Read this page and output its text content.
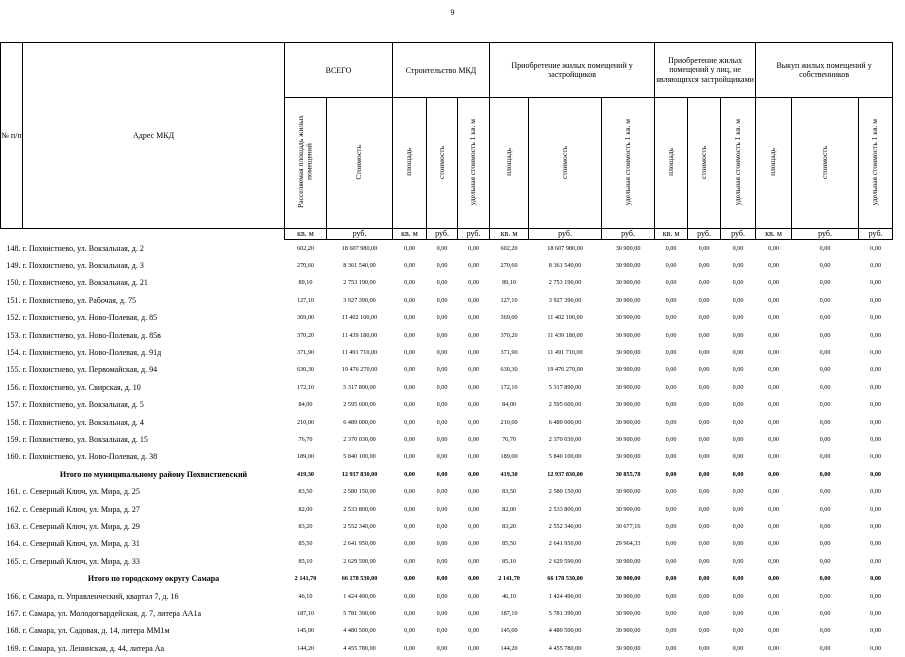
9
№ п/п	Адрес МКД	ВСЕГО		Строительство МКД			Приобретение жилых помещений у застройщиков			Приобретение жилых помещений у лиц, не являющихся застройщиками			Выкуп жилых помещений у собственников		
		Расселяемая площадь жилых помещений	Стоимость	площадь	стоимость	удельная стоимость 1 кв. м	площадь	стоимость	удельная стоимость 1 кв. м	площадь	стоимость	удельная стоимость 1 кв. м	площадь	стоимость	удельная стоимость 1 кв. м
		кв. м	руб.	кв. м	руб.	руб.	кв. м	руб.	руб.	кв. м	руб.	руб.	кв. м	руб.	руб.
148.	г. Похвистнево, ул. Вокзальная, д. 2	602,20	18 607 980,00	0,00	0,00	0,00	602,20	18 607 980,00	30 900,00	0,00	0,00	0,00	0,00	0,00	0,00
149.	г. Похвистнево, ул. Вокзальная, д. 3	270,60	8 361 540,00	0,00	0,00	0,00	270,60	8 361 540,00	30 900,00	0,00	0,00	0,00	0,00	0,00	0,00
150.	г. Похвистнево, ул. Вокзальная, д. 21	89,10	2 753 190,00	0,00	0,00	0,00	89,10	2 753 190,00	30 900,00	0,00	0,00	0,00	0,00	0,00	0,00
151.	г. Похвистнево, ул. Рабочая, д. 75	127,10	3 927 390,00	0,00	0,00	0,00	127,10	3 927 390,00	30 900,00	0,00	0,00	0,00	0,00	0,00	0,00
152.	г. Похвистнево, ул. Ново-Полевая, д. 85	369,00	11 402 100,00	0,00	0,00	0,00	369,00	11 402 100,00	30 900,00	0,00	0,00	0,00	0,00	0,00	0,00
153.	г. Похвистнево, ул. Ново-Полевая, д. 85в	370,20	11 439 180,00	0,00	0,00	0,00	370,20	11 439 180,00	30 900,00	0,00	0,00	0,00	0,00	0,00	0,00
154.	г. Похвистнево, ул. Ново-Полевая, д. 91д	371,90	11 491 710,00	0,00	0,00	0,00	371,90	11 491 710,00	30 900,00	0,00	0,00	0,00	0,00	0,00	0,00
155.	г. Похвистнево, ул. Первомайская, д. 94	630,30	19 476 270,00	0,00	0,00	0,00	630,30	19 476 270,00	30 900,00	0,00	0,00	0,00	0,00	0,00	0,00
156.	г. Похвистнево, ул. Свирская, д. 10	172,10	5 317 890,00	0,00	0,00	0,00	172,10	5 317 890,00	30 900,00	0,00	0,00	0,00	0,00	0,00	0,00
157.	г. Похвистнево, ул. Вокзальная, д. 5	84,00	2 595 600,00	0,00	0,00	0,00	84,00	2 595 600,00	30 900,00	0,00	0,00	0,00	0,00	0,00	0,00
158.	г. Похвистнево, ул. Вокзальная, д. 4	210,00	6 489 000,00	0,00	0,00	0,00	210,00	6 489 000,00	30 900,00	0,00	0,00	0,00	0,00	0,00	0,00
159.	г. Похвистнево, ул. Вокзальная, д. 15	76,70	2 370 030,00	0,00	0,00	0,00	76,70	2 370 030,00	30 900,00	0,00	0,00	0,00	0,00	0,00	0,00
160.	г. Похвистнево, ул. Ново-Полевая, д. 38	189,00	5 840 100,00	0,00	0,00	0,00	189,00	5 840 100,00	30 900,00	0,00	0,00	0,00	0,00	0,00	0,00
	Итого по муниципальному району Похвистневский	419,30	12 937 830,00	0,00	0,00	0,00	419,30	12 937 830,00	30 855,78	0,00	0,00	0,00	0,00	0,00	0,00
161.	с. Северный Ключ, ул. Мира, д. 25	83,50	2 580 150,00	0,00	0,00	0,00	83,50	2 580 150,00	30 900,00	0,00	0,00	0,00	0,00	0,00	0,00
162.	с. Северный Ключ, ул. Мира, д. 27	82,00	2 533 800,00	0,00	0,00	0,00	82,00	2 533 800,00	30 900,00	0,00	0,00	0,00	0,00	0,00	0,00
163.	с. Северный Ключ, ул. Мира, д. 29	83,20	2 552 340,00	0,00	0,00	0,00	83,20	2 552 340,00	30 677,16	0,00	0,00	0,00	0,00	0,00	0,00
164.	с. Северный Ключ, ул. Мира, д. 31	85,50	2 641 950,00	0,00	0,00	0,00	85,50	2 641 950,00	29 964,33	0,00	0,00	0,00	0,00	0,00	0,00
165.	с. Северный Ключ, ул. Мира, д. 33	85,10	2 629 590,00	0,00	0,00	0,00	85,10	2 629 590,00	30 900,00	0,00	0,00	0,00	0,00	0,00	0,00
	Итого по городскому округу Самара	2 141,70	66 178 530,00	0,00	0,00	0,00	2 141,70	66 178 530,00	30 900,00	0,00	0,00	0,00	0,00	0,00	0,00
166.	г. Самара, п. Управленческий, квартал 7, д. 16	46,10	1 424 490,00	0,00	0,00	0,00	46,10	1 424 490,00	30 900,00	0,00	0,00	0,00	0,00	0,00	0,00
167.	г. Самара, ул. Молодогвардейская, д. 7, литера АА1а	187,10	5 781 390,00	0,00	0,00	0,00	187,10	5 781 390,00	30 900,00	0,00	0,00	0,00	0,00	0,00	0,00
168.	г. Самара, ул. Садовая, д. 14, литера ММ1м	145,00	4 480 500,00	0,00	0,00	0,00	145,00	4 480 500,00	30 900,00	0,00	0,00	0,00	0,00	0,00	0,00
169.	г. Самара, ул. Ленинская, д. 44, литера Аа	144,20	4 455 780,00	0,00	0,00	0,00	144,20	4 455 780,00	30 900,00	0,00	0,00	0,00	0,00	0,00	0,00
